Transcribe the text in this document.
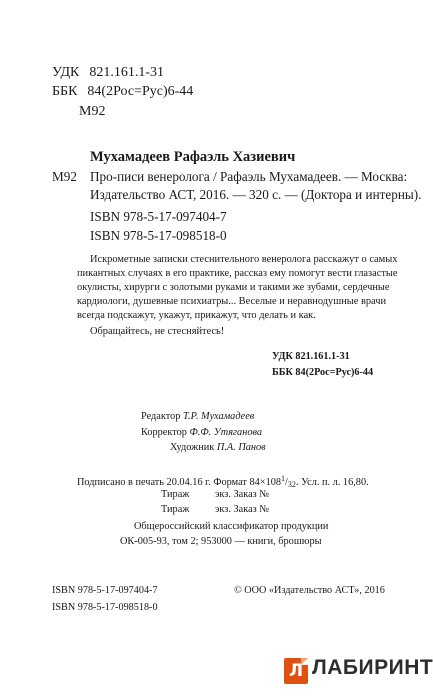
УДК 821.161.1-31
ББК 84(2Рос=Рус)6-44
М92
Мухамадеев Рафаэль Хазиевич
М92 Про-писи венеролога / Рафаэль Мухамадеев. — Москва:
Издательство АСТ, 2016. — 320 с. — (Доктора и интерны).
ISBN 978-5-17-097404-7
ISBN 978-5-17-098518-0
Искрометные записки стеснительного венеролога расскажут о самых
пикантных случаях в его практике, рассказ ему помогут вести глазастые
окулисты, хирурги с золотыми руками и такими же зубами, сердечные
кардиологи, душевные психиатры... Веселые и неравнодушные врачи
всегда подскажут, укажут, прикажут, что делать и как.
Обращайтесь, не стесняйтесь!
УДК 821.161.1-31
ББК 84(2Рос=Рус)6-44
Редактор Т.Р. Мухамадеев
Корректор Ф.Ф. Утяганова
Художник П.А. Панов
Подписано в печать 20.04.16 г. Формат $84\times 108^1/32$. Усл. п. л. 16,80.
Тираж экз. Заказ №
Тираж экз. Заказ №
Общероссийский классификатор продукции
ОК-005-93, том 2; 953000 — книги, брошюры
ISBN 978-5-17-097404-7
ISBN 978-5-17-098518-0
© ООО «Издательство АСТ», 2016
Л ЛАБИРИНТ
